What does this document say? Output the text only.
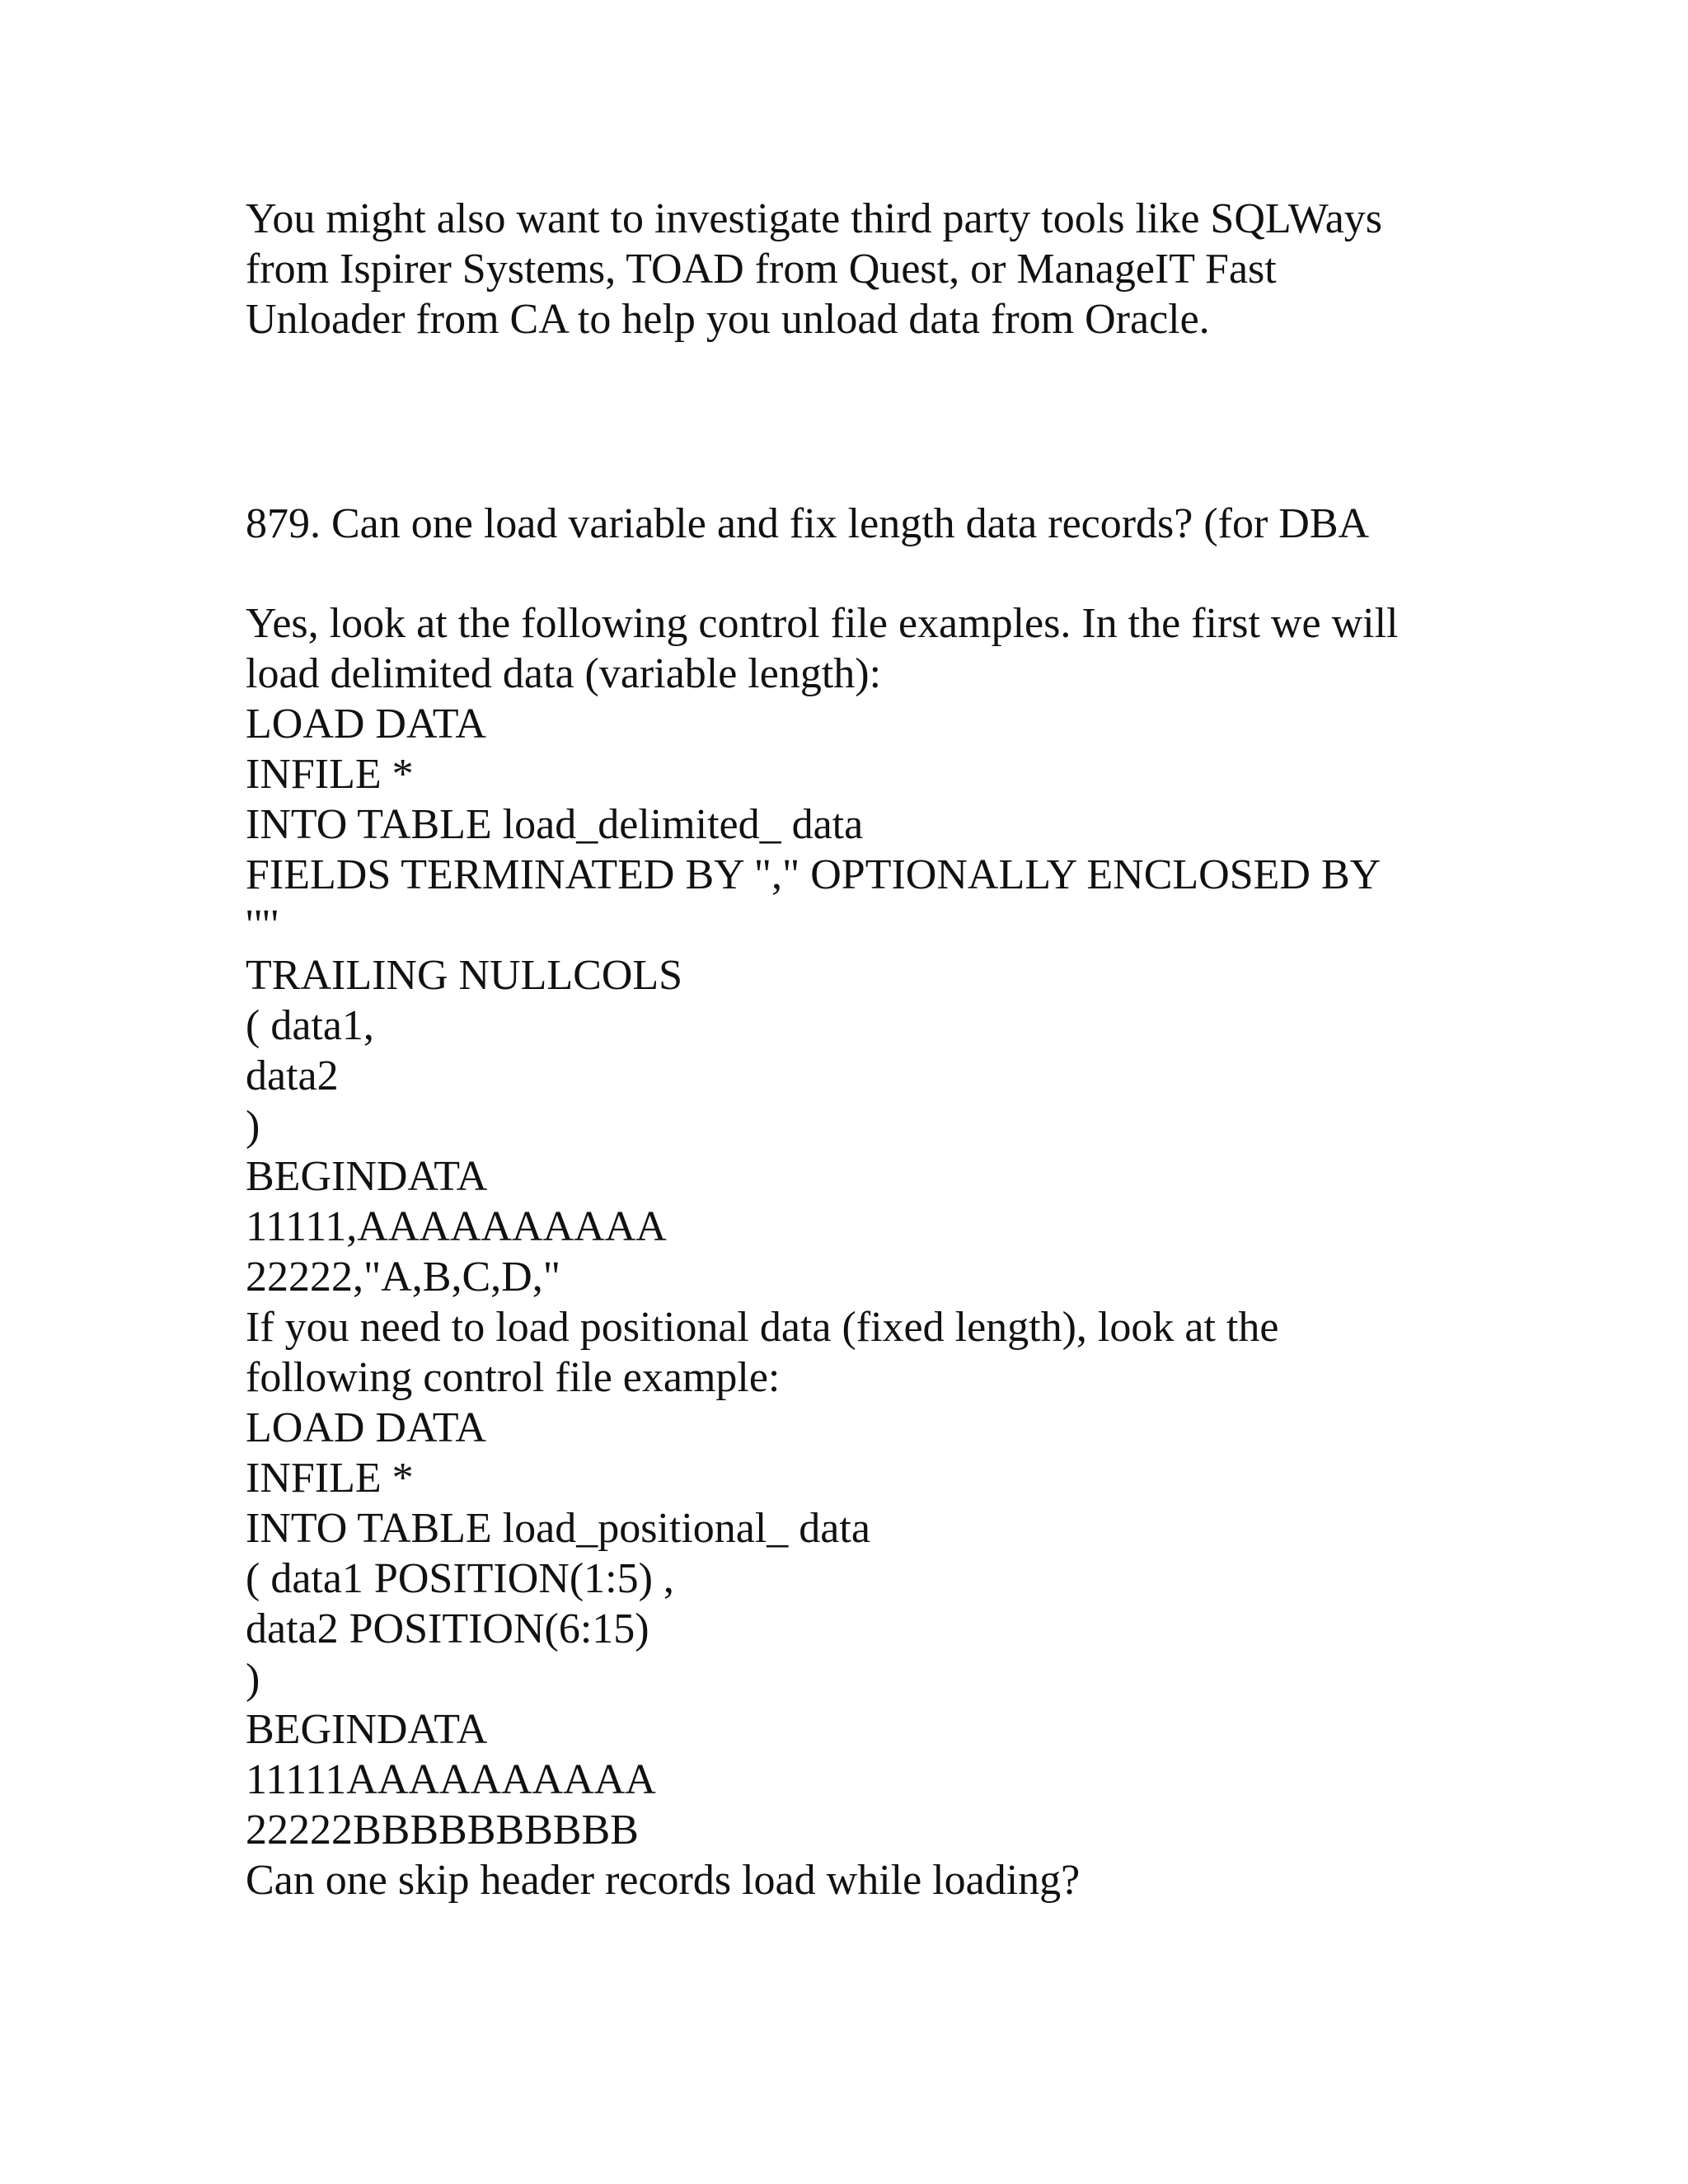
You might also want to investigate third party tools like SQLWays
from Ispirer Systems, TOAD from Quest, or ManageIT Fast
Unloader from CA to help you unload data from Oracle.
879. Can one load variable and fix length data records? (for DBA
Yes, look at the following control file examples. In the first we will
load delimited data (variable length):
LOAD DATA
INFILE *
INTO TABLE load_delimited_ data
FIELDS TERMINATED BY "," OPTIONALLY ENCLOSED BY
'"'
TRAILING NULLCOLS
( data1,
data2
)
BEGINDATA
11111,AAAAAAAAAA
22222,"A,B,C,D,"
If you need to load positional data (fixed length), look at the
following control file example:
LOAD DATA
INFILE *
INTO TABLE load_positional_ data
( data1 POSITION(1:5) ,
data2 POSITION(6:15)
)
BEGINDATA
11111AAAAAAAAAA
22222BBBBBBBBBB
Can one skip header records load while loading?
